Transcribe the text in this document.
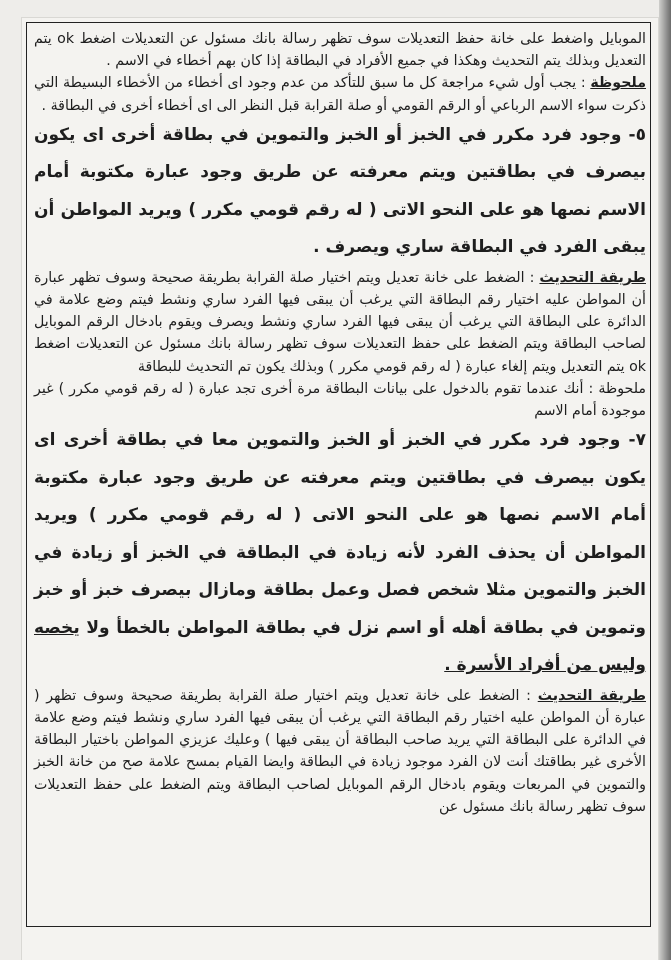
الموبايل واضغط على خانة حفظ التعديلات سوف تظهر رسالة بانك مسئول عن التعديلات اضغط ok يتم التعديل وبذلك يتم التحديث وهكذا في جميع الأفراد في البطاقة إذا كان بهم أخطاء في الاسم .

ملحوظة : يجب أول شيء مراجعة كل ما سبق للتأكد من عدم وجود اى أخطاء من الأخطاء البسيطة التي ذكرت سواء الاسم الرباعي أو الرقم القومي أو صلة القرابة قبل النظر الى اى أخطاء أخرى في البطاقة .

٥- وجود فرد مكرر في الخبز أو الخبز والتموين في بطاقة أخرى اى يكون بيصرف في بطاقتين ويتم معرفته عن طريق وجود عبارة مكتوبة أمام الاسم نصها هو على النحو الاتى ( له رقم قومي مكرر ) ويريد المواطن أن يبقى الفرد في البطاقة ساري ويصرف .

طريقة التحديث : الضغط على خانة تعديل ويتم اختيار صلة القرابة بطريقة صحيحة وسوف تظهر عبارة أن المواطن عليه اختيار رقم البطاقة التي يرغب أن يبقى فيها الفرد ساري ونشط فيتم وضع علامة في الدائرة على البطاقة التي يرغب أن يبقى فيها الفرد ساري ونشط ويصرف ويقوم بادخال الرقم الموبايل لصاحب البطاقة ويتم الضغط على حفظ التعديلات سوف تظهر رسالة بانك مسئول عن التعديلات اضغط ok يتم التعديل ويتم إلغاء عبارة ( له رقم قومي مكرر ) وبذلك يكون تم التحديث للبطاقة

ملحوظة : أنك عندما تقوم بالدخول على بيانات البطاقة مرة أخرى تجد عبارة ( له رقم قومي مكرر ) غير موجودة أمام الاسم

٧- وجود فرد مكرر في الخبز أو الخبز والتموين معا في بطاقة أخرى اى يكون بيصرف في بطاقتين ويتم معرفته عن طريق وجود عبارة مكتوبة أمام الاسم نصها هو على النحو الاتى ( له رقم قومي مكرر ) ويريد المواطن أن يحذف الفرد لأنه زيادة في البطاقة في الخبز أو زيادة في الخبز والتموين مثلا شخص فصل وعمل بطاقة ومازال بيصرف خبز أو خبز وتموين في بطاقة أهله أو اسم نزل في بطاقة المواطن بالخطأ ولا يخصه وليس من أفراد الأسرة .

طريقة التحديث : الضغط على خانة تعديل ويتم اختيار صلة القرابة بطريقة صحيحة وسوف تظهر ( عبارة أن المواطن عليه اختيار رقم البطاقة التي يرغب أن يبقى فيها الفرد ساري ونشط فيتم وضع علامة في الدائرة على البطاقة التي يريد صاحب البطاقة أن يبقى فيها ) وعليك عزيزي المواطن باختيار البطاقة الأخرى غير بطاقتك أنت لان الفرد موجود زيادة في البطاقة وايضا القيام بمسح علامة صح من خانة الخبز والتموين في المربعات ويقوم بادخال الرقم الموبايل لصاحب البطاقة ويتم الضغط على حفظ التعديلات سوف تظهر رسالة بانك مسئول عن
